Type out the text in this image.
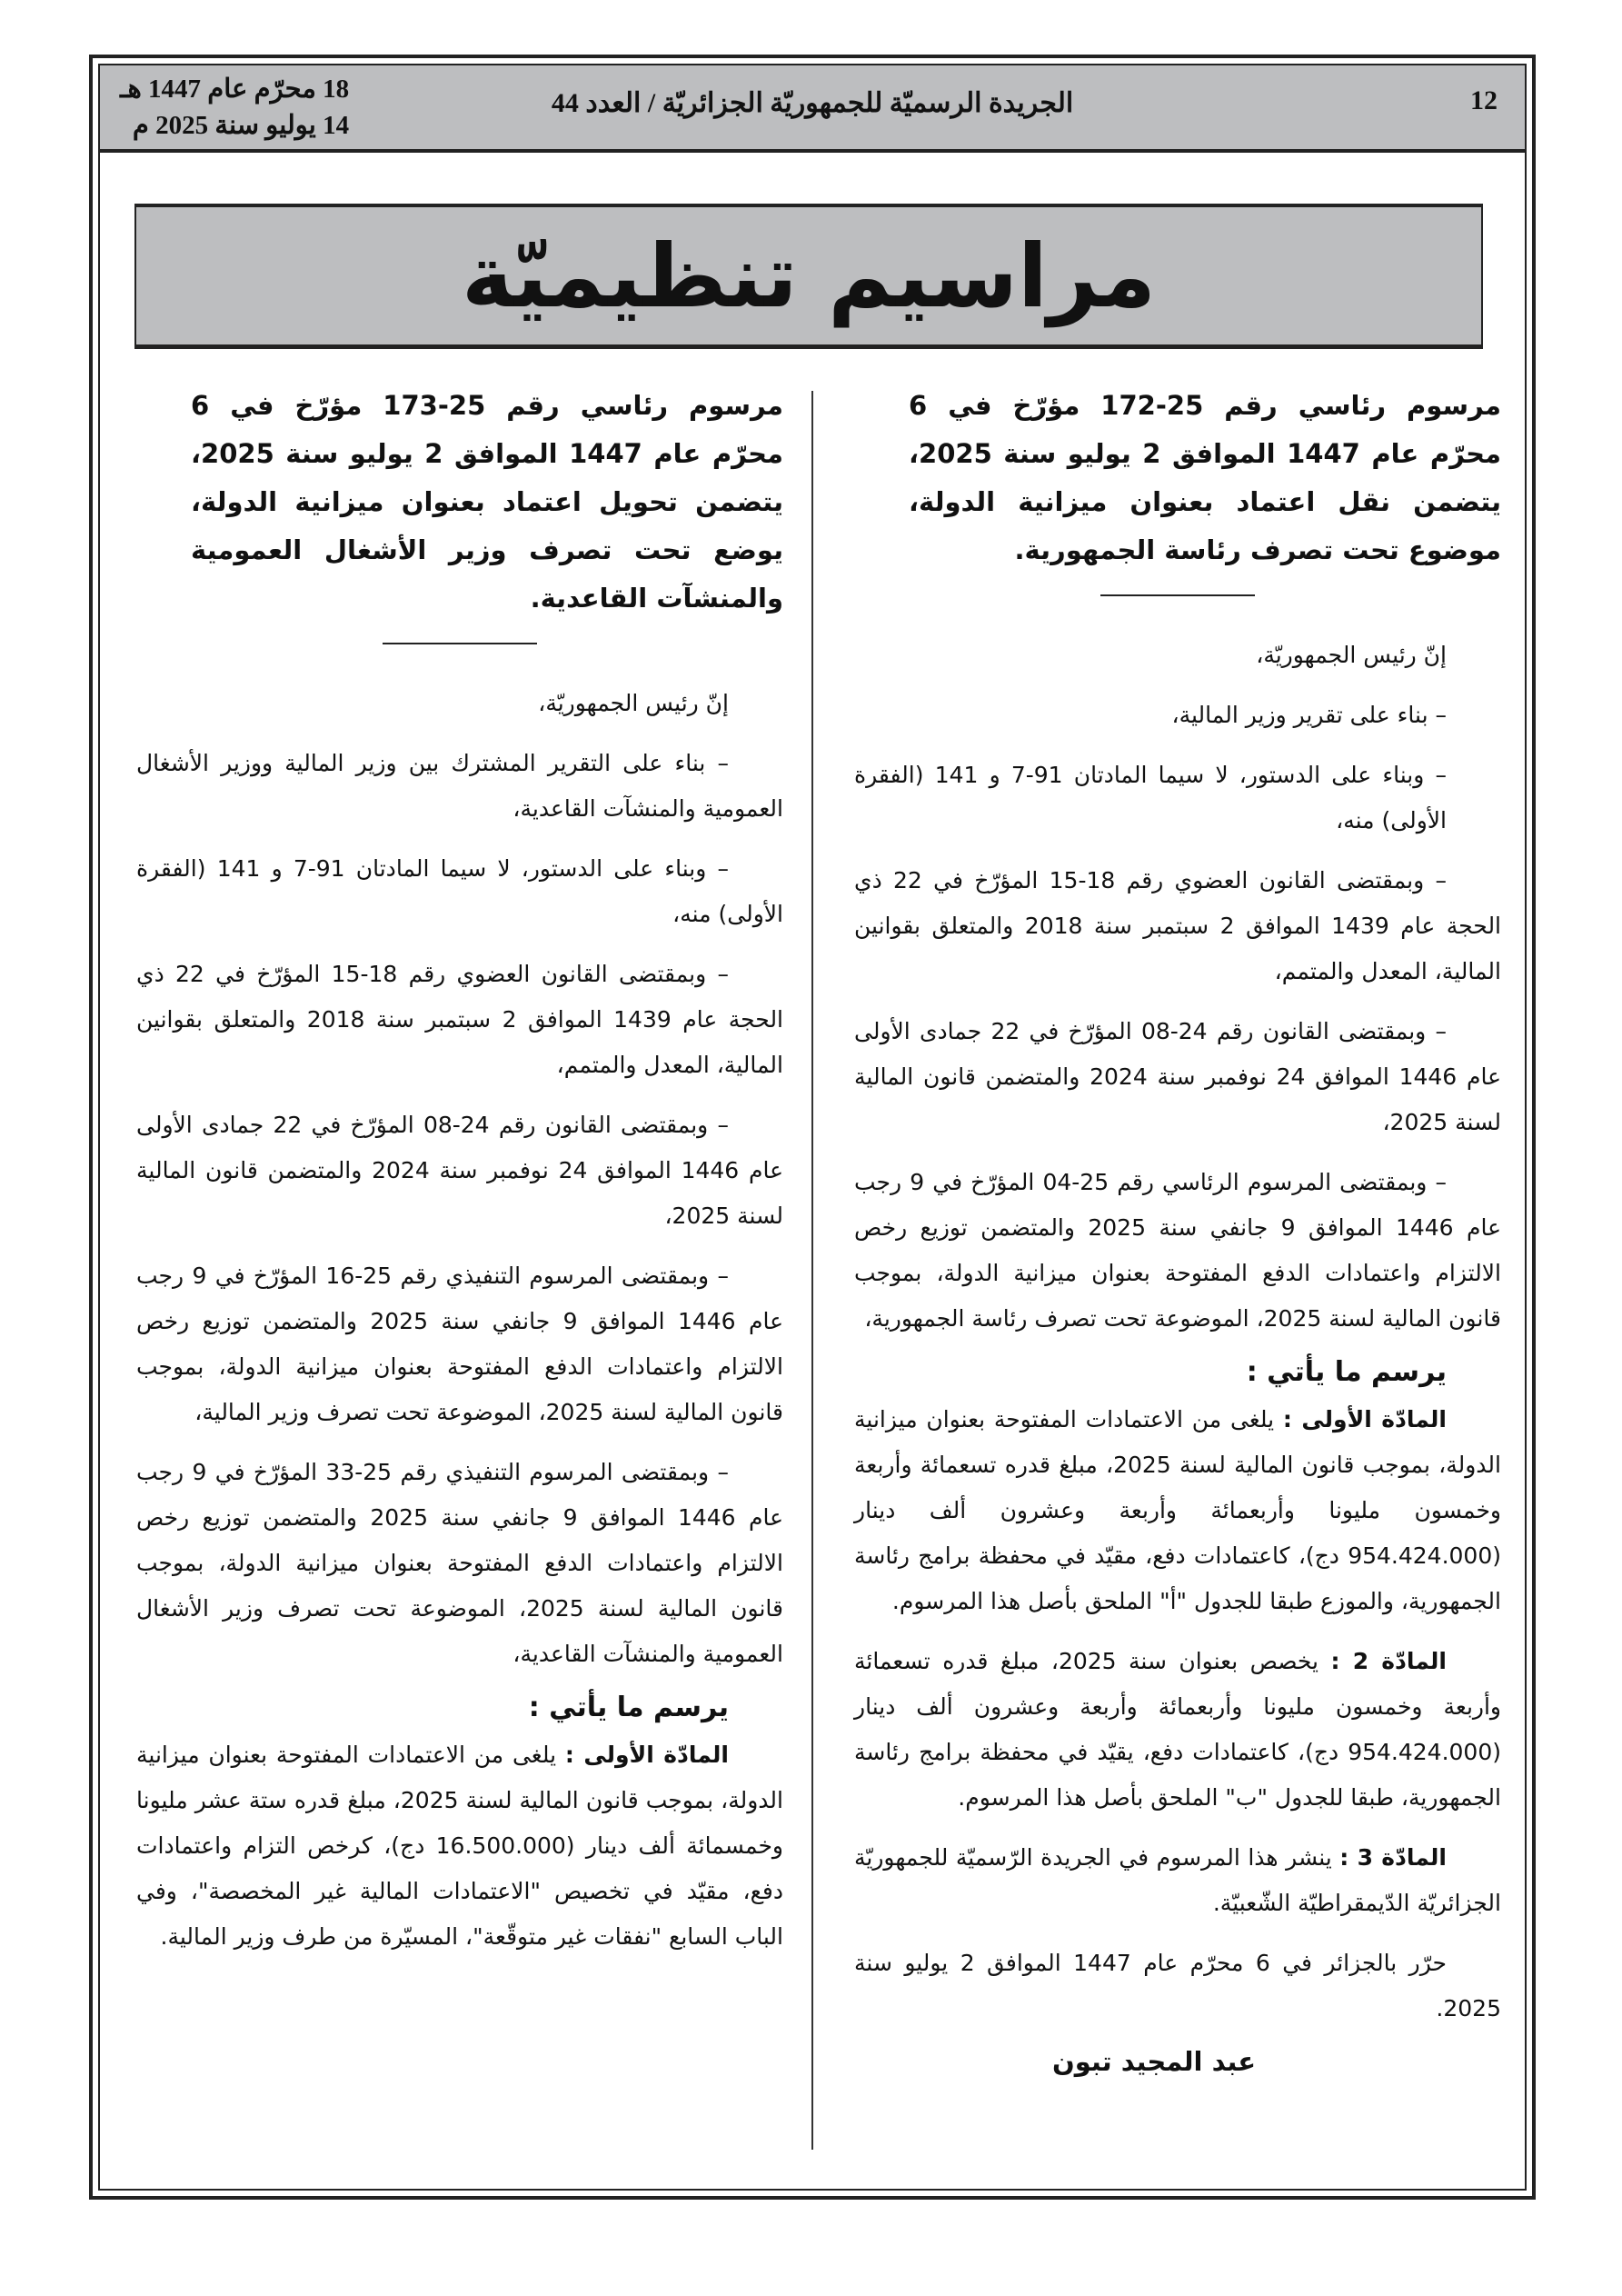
12
الجريدة الرسميّة للجمهوريّة الجزائريّة / العدد 44
18 محرّم عام 1447 هـ
14 يوليو سنة 2025 م
مراسيم تنظيميّة
مرسوم رئاسي رقم 25-172 مؤرّخ في 6 محرّم عام 1447 الموافق 2 يوليو سنة 2025، يتضمن نقل اعتماد بعنوان ميزانية الدولة، موضوع تحت تصرف رئاسة الجمهورية.

إنّ رئيس الجمهوريّة،

– بناء على تقرير وزير المالية،

– وبناء على الدستور، لا سيما المادتان 91-7 و 141 (الفقرة الأولى) منه،

– وبمقتضى القانون العضوي رقم 18-15 المؤرّخ في 22 ذي الحجة عام 1439 الموافق 2 سبتمبر سنة 2018 والمتعلق بقوانين المالية، المعدل والمتمم،

– وبمقتضى القانون رقم 24-08 المؤرّخ في 22 جمادى الأولى عام 1446 الموافق 24 نوفمبر سنة 2024 والمتضمن قانون المالية لسنة 2025،

– وبمقتضى المرسوم الرئاسي رقم 25-04 المؤرّخ في 9 رجب عام 1446 الموافق 9 جانفي سنة 2025 والمتضمن توزيع رخص الالتزام واعتمادات الدفع المفتوحة بعنوان ميزانية الدولة، بموجب قانون المالية لسنة 2025، الموضوعة تحت تصرف رئاسة الجمهورية،

يرسم ما يأتي :

المادّة الأولى : يلغى من الاعتمادات المفتوحة بعنوان ميزانية الدولة، بموجب قانون المالية لسنة 2025، مبلغ قدره تسعمائة وأربعة وخمسون مليونا وأربعمائة وأربعة وعشرون ألف دينار (954.424.000 دج)، كاعتمادات دفع، مقيّد في محفظة برامج رئاسة الجمهورية، والموزع طبقا للجدول "أ" الملحق بأصل هذا المرسوم.

المادّة 2 : يخصص بعنوان سنة 2025، مبلغ قدره تسعمائة وأربعة وخمسون مليونا وأربعمائة وأربعة وعشرون ألف دينار (954.424.000 دج)، كاعتمادات دفع، يقيّد في محفظة برامج رئاسة الجمهورية، طبقا للجدول "ب" الملحق بأصل هذا المرسوم.

المادّة 3 : ينشر هذا المرسوم في الجريدة الرّسميّة للجمهوريّة الجزائريّة الدّيمقراطيّة الشّعبيّة.

حرّر بالجزائر في 6 محرّم عام 1447 الموافق 2 يوليو سنة 2025.

عبد المجيد تبون
مرسوم رئاسي رقم 25-173 مؤرّخ في 6 محرّم عام 1447 الموافق 2 يوليو سنة 2025، يتضمن تحويل اعتماد بعنوان ميزانية الدولة، يوضع تحت تصرف وزير الأشغال العمومية والمنشآت القاعدية.

إنّ رئيس الجمهوريّة،

– بناء على التقرير المشترك بين وزير المالية ووزير الأشغال العمومية والمنشآت القاعدية،

– وبناء على الدستور، لا سيما المادتان 91-7 و 141 (الفقرة الأولى) منه،

– وبمقتضى القانون العضوي رقم 18-15 المؤرّخ في 22 ذي الحجة عام 1439 الموافق 2 سبتمبر سنة 2018 والمتعلق بقوانين المالية، المعدل والمتمم،

– وبمقتضى القانون رقم 24-08 المؤرّخ في 22 جمادى الأولى عام 1446 الموافق 24 نوفمبر سنة 2024 والمتضمن قانون المالية لسنة 2025،

– وبمقتضى المرسوم التنفيذي رقم 25-16 المؤرّخ في 9 رجب عام 1446 الموافق 9 جانفي سنة 2025 والمتضمن توزيع رخص الالتزام واعتمادات الدفع المفتوحة بعنوان ميزانية الدولة، بموجب قانون المالية لسنة 2025، الموضوعة تحت تصرف وزير المالية،

– وبمقتضى المرسوم التنفيذي رقم 25-33 المؤرّخ في 9 رجب عام 1446 الموافق 9 جانفي سنة 2025 والمتضمن توزيع رخص الالتزام واعتمادات الدفع المفتوحة بعنوان ميزانية الدولة، بموجب قانون المالية لسنة 2025، الموضوعة تحت تصرف وزير الأشغال العمومية والمنشآت القاعدية،

يرسم ما يأتي :

المادّة الأولى : يلغى من الاعتمادات المفتوحة بعنوان ميزانية الدولة، بموجب قانون المالية لسنة 2025، مبلغ قدره ستة عشر مليونا وخمسمائة ألف دينار (16.500.000 دج)، كرخص التزام واعتمادات دفع، مقيّد في تخصيص "الاعتمادات المالية غير المخصصة"، وفي الباب السابع "نفقات غير متوقّعة"، المسيّرة من طرف وزير المالية.
